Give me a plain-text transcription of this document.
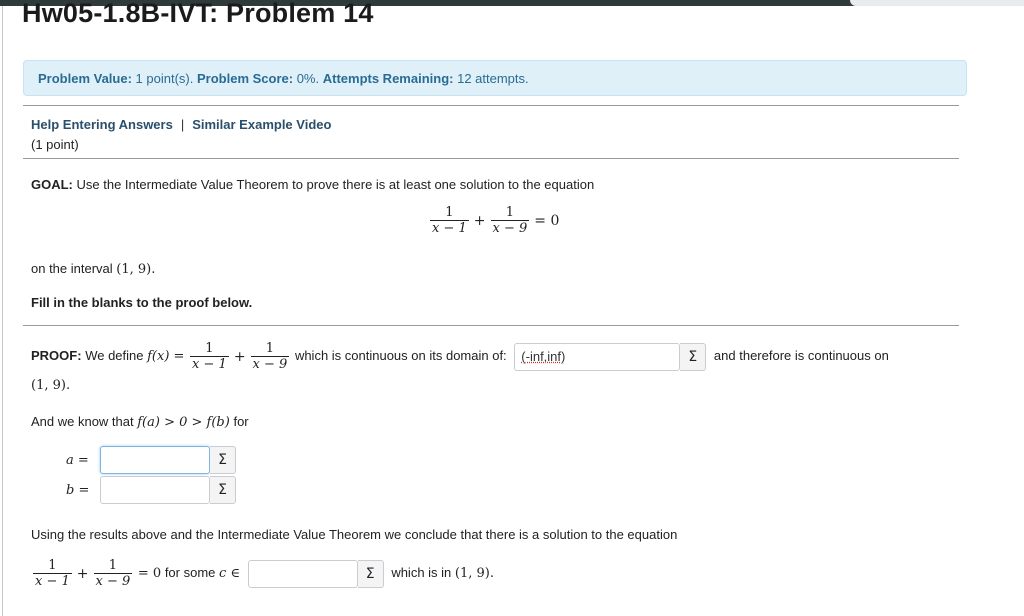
Hw05-1.8B-IVT: Problem 14
Problem Value: 1 point(s). Problem Score: 0%. Attempts Remaining: 12 attempts.
Help Entering Answers | Similar Example Video
(1 point)
GOAL: Use the Intermediate Value Theorem to prove there is at least one solution to the equation
$\frac{1}{x - 1} + \frac{1}{x - 9} = 0$
on the interval (1, 9).
Fill in the blanks to the proof below.
PROOF: We define $f(x) = \frac{1}{x - 1} + \frac{1}{x - 9}$ which is continuous on its domain of: (-inf,inf)	Σ and therefore is continuous on
(1, 9).
And we know that f(a) > 0 > f(b) for
a =	Σ
b =	Σ
Using the results above and the Intermediate Value Theorem we conclude that there is a solution to the equation
$\frac{1}{x - 1} + \frac{1}{x - 9} = 0$ for some c ∈	Σ which is in (1, 9).
